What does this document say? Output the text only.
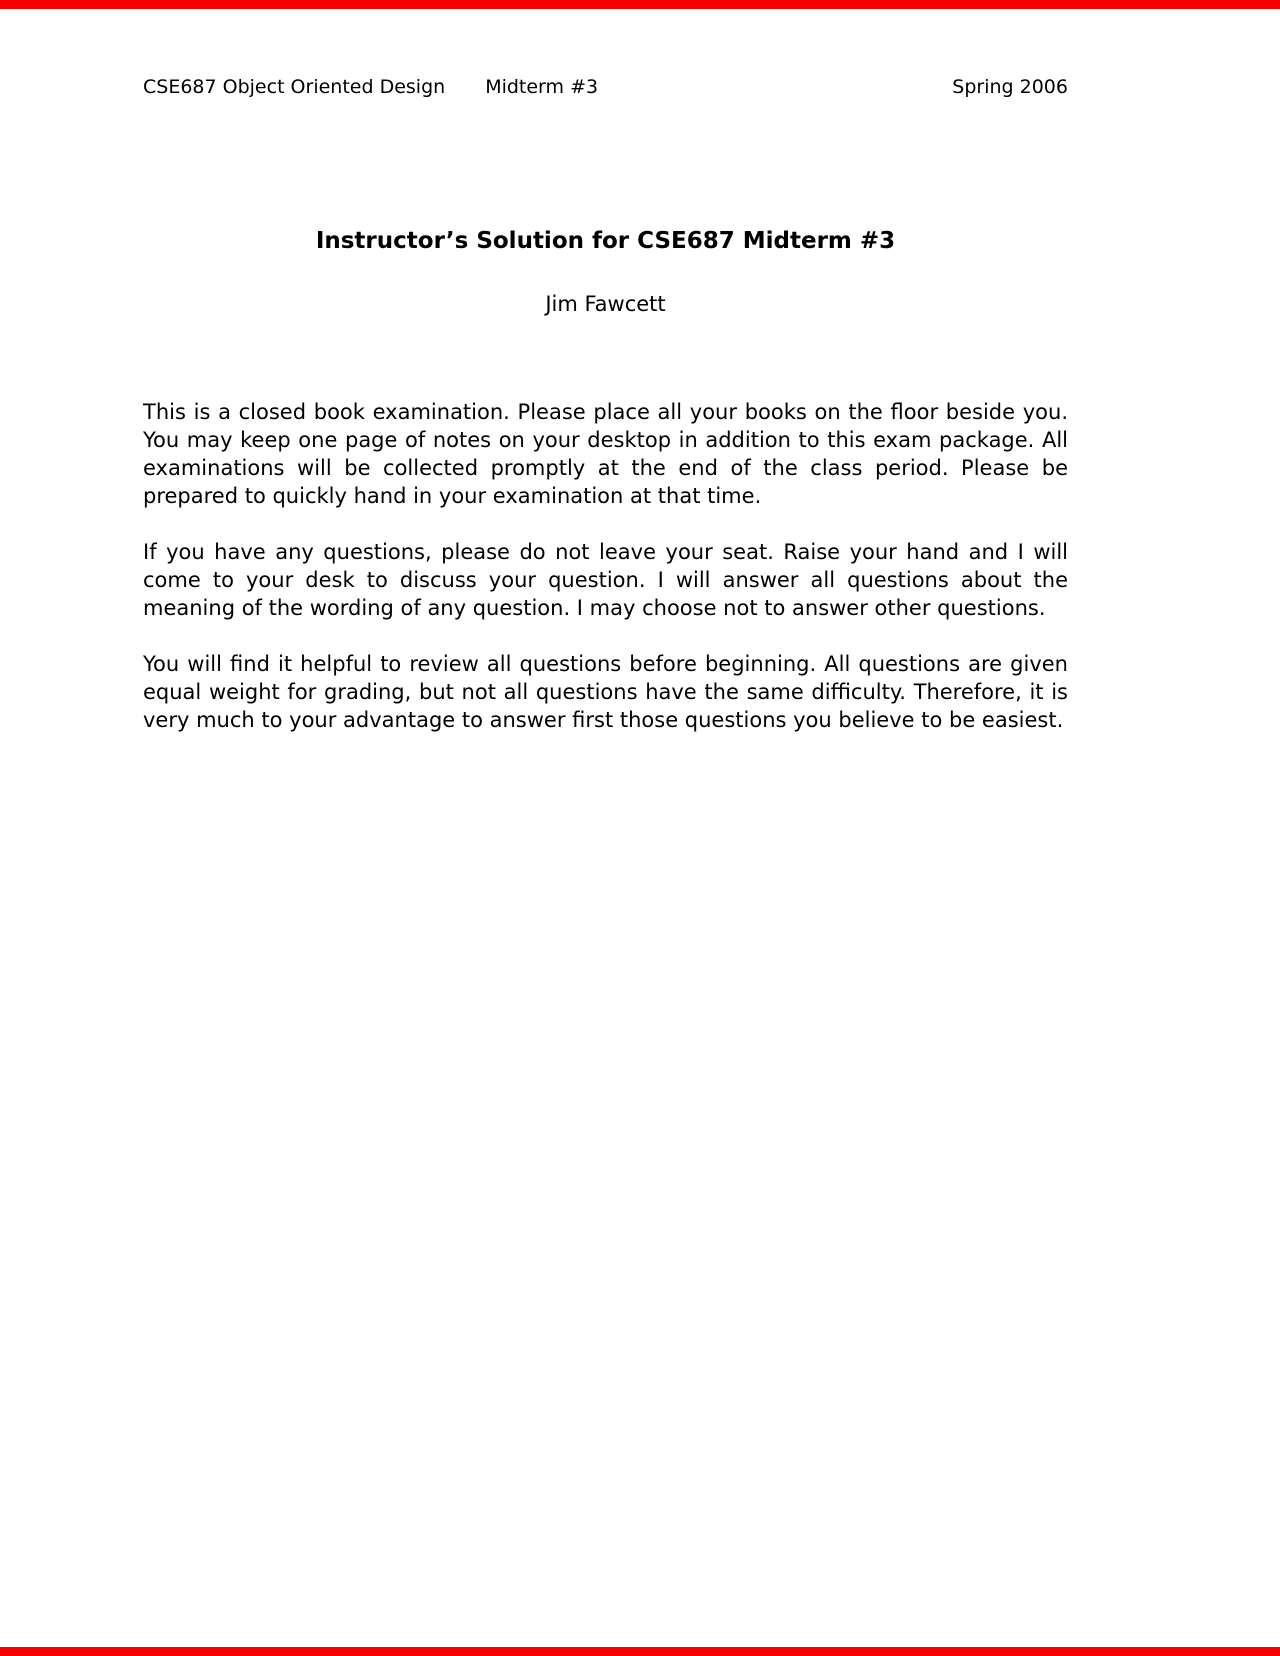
CSE687 Object Oriented Design Midterm #3	Spring 2006
Instructor’s Solution for CSE687 Midterm #3
Jim Fawcett

This is a closed book examination. Please place all your books on the floor beside you. You may keep one page of notes on your desktop in addition to this exam package. All examinations will be collected promptly at the end of the class period. Please be prepared to quickly hand in your examination at that time.

If you have any questions, please do not leave your seat. Raise your hand and I will come to your desk to discuss your question. I will answer all questions about the meaning of the wording of any question. I may choose not to answer other questions.

You will find it helpful to review all questions before beginning. All questions are given equal weight for grading, but not all questions have the same difficulty. Therefore, it is very much to your advantage to answer first those questions you believe to be easiest.
